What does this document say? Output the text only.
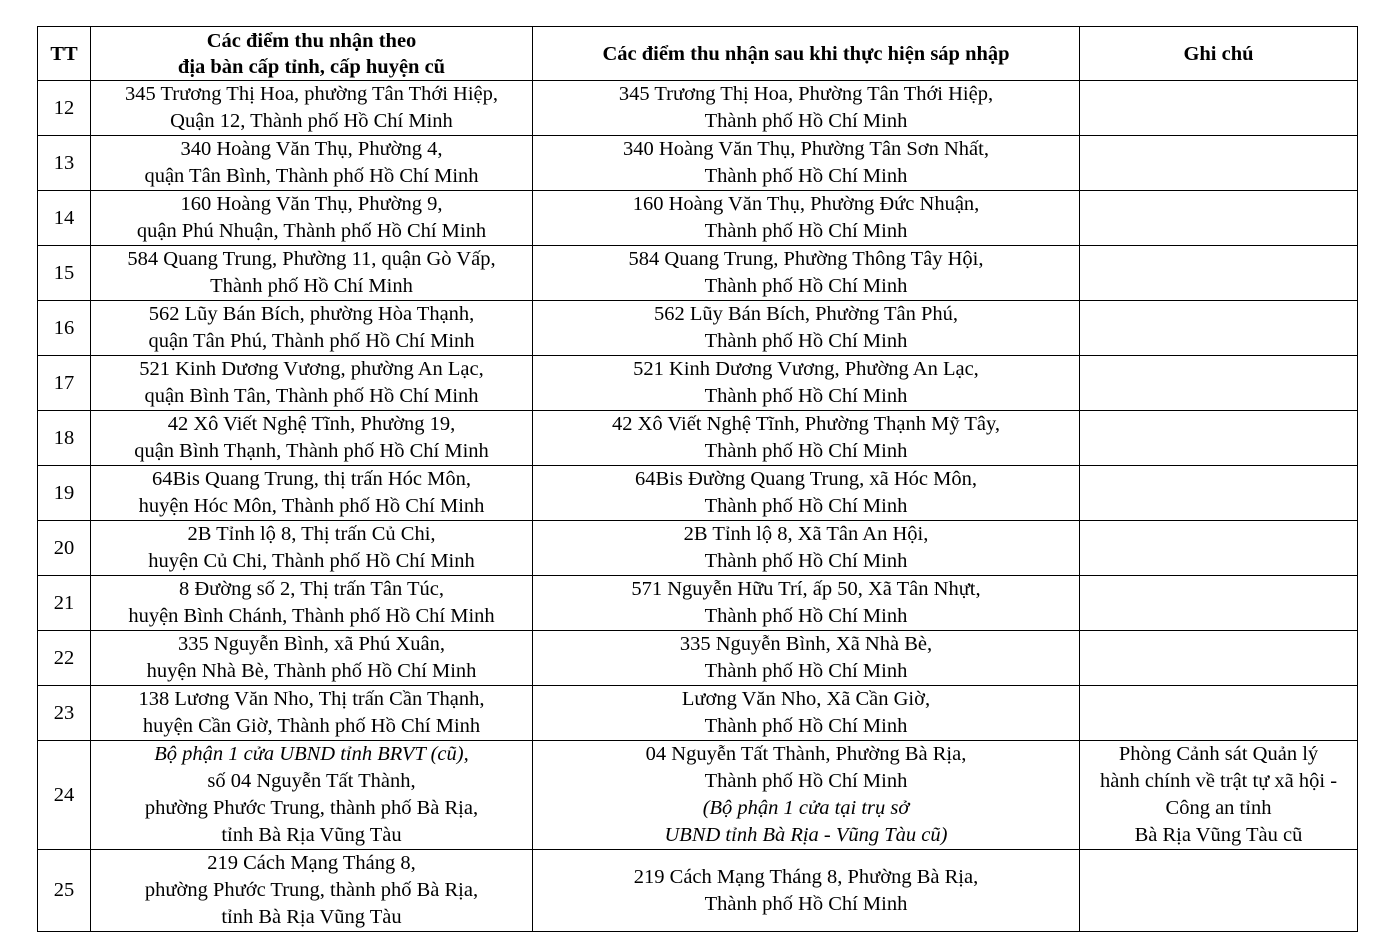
TT	Các điểm thu nhận theo
địa bàn cấp tỉnh, cấp huyện cũ	Các điểm thu nhận sau khi thực hiện sáp nhập	Ghi chú
12	345 Trương Thị Hoa, phường Tân Thới Hiệp,
Quận 12, Thành phố Hồ Chí Minh	345 Trương Thị Hoa, Phường Tân Thới Hiệp,
Thành phố Hồ Chí Minh	

13	340 Hoàng Văn Thụ, Phường 4,
quận Tân Bình, Thành phố Hồ Chí Minh	340 Hoàng Văn Thụ, Phường Tân Sơn Nhất,
Thành phố Hồ Chí Minh	

14	160 Hoàng Văn Thụ, Phường 9,
quận Phú Nhuận, Thành phố Hồ Chí Minh	160 Hoàng Văn Thụ, Phường Đức Nhuận,
Thành phố Hồ Chí Minh	

15	584 Quang Trung, Phường 11, quận Gò Vấp,
Thành phố Hồ Chí Minh	584 Quang Trung, Phường Thông Tây Hội,
Thành phố Hồ Chí Minh	

16	562 Lũy Bán Bích, phường Hòa Thạnh,
quận Tân Phú, Thành phố Hồ Chí Minh	562 Lũy Bán Bích, Phường Tân Phú,
Thành phố Hồ Chí Minh	

17	521 Kinh Dương Vương, phường An Lạc,
quận Bình Tân, Thành phố Hồ Chí Minh	521 Kinh Dương Vương, Phường An Lạc,
Thành phố Hồ Chí Minh	

18	42 Xô Viết Nghệ Tĩnh, Phường 19,
quận Bình Thạnh, Thành phố Hồ Chí Minh	42 Xô Viết Nghệ Tĩnh, Phường Thạnh Mỹ Tây,
Thành phố Hồ Chí Minh	

19	64Bis Quang Trung, thị trấn Hóc Môn,
huyện Hóc Môn, Thành phố Hồ Chí Minh	64Bis Đường Quang Trung, xã Hóc Môn,
Thành phố Hồ Chí Minh	

20	2B Tỉnh lộ 8, Thị trấn Củ Chi,
huyện Củ Chi, Thành phố Hồ Chí Minh	2B Tỉnh lộ 8, Xã Tân An Hội,
Thành phố Hồ Chí Minh	

21	8 Đường số 2, Thị trấn Tân Túc,
huyện Bình Chánh, Thành phố Hồ Chí Minh	571 Nguyễn Hữu Trí, ấp 50, Xã Tân Nhựt,
Thành phố Hồ Chí Minh	

22	335 Nguyễn Bình, xã Phú Xuân,
huyện Nhà Bè, Thành phố Hồ Chí Minh	335 Nguyễn Bình, Xã Nhà Bè,
Thành phố Hồ Chí Minh	

23	138 Lương Văn Nho, Thị trấn Cần Thạnh,
huyện Cần Giờ, Thành phố Hồ Chí Minh	Lương Văn Nho, Xã Cần Giờ,
Thành phố Hồ Chí Minh	

24	Bộ phận 1 cửa UBND tỉnh BRVT (cũ),
số 04 Nguyễn Tất Thành,
phường Phước Trung, thành phố Bà Rịa,
tỉnh Bà Rịa Vũng Tàu	04 Nguyễn Tất Thành, Phường Bà Rịa,
Thành phố Hồ Chí Minh
(Bộ phận 1 cửa tại trụ sở
UBND tỉnh Bà Rịa - Vũng Tàu cũ)	Phòng Cảnh sát Quản lý
hành chính về trật tự xã hội -
Công an tỉnh
Bà Rịa Vũng Tàu cũ

25	219 Cách Mạng Tháng 8,
phường Phước Trung, thành phố Bà Rịa,
tỉnh Bà Rịa Vũng Tàu	219 Cách Mạng Tháng 8, Phường Bà Rịa,
Thành phố Hồ Chí Minh	
